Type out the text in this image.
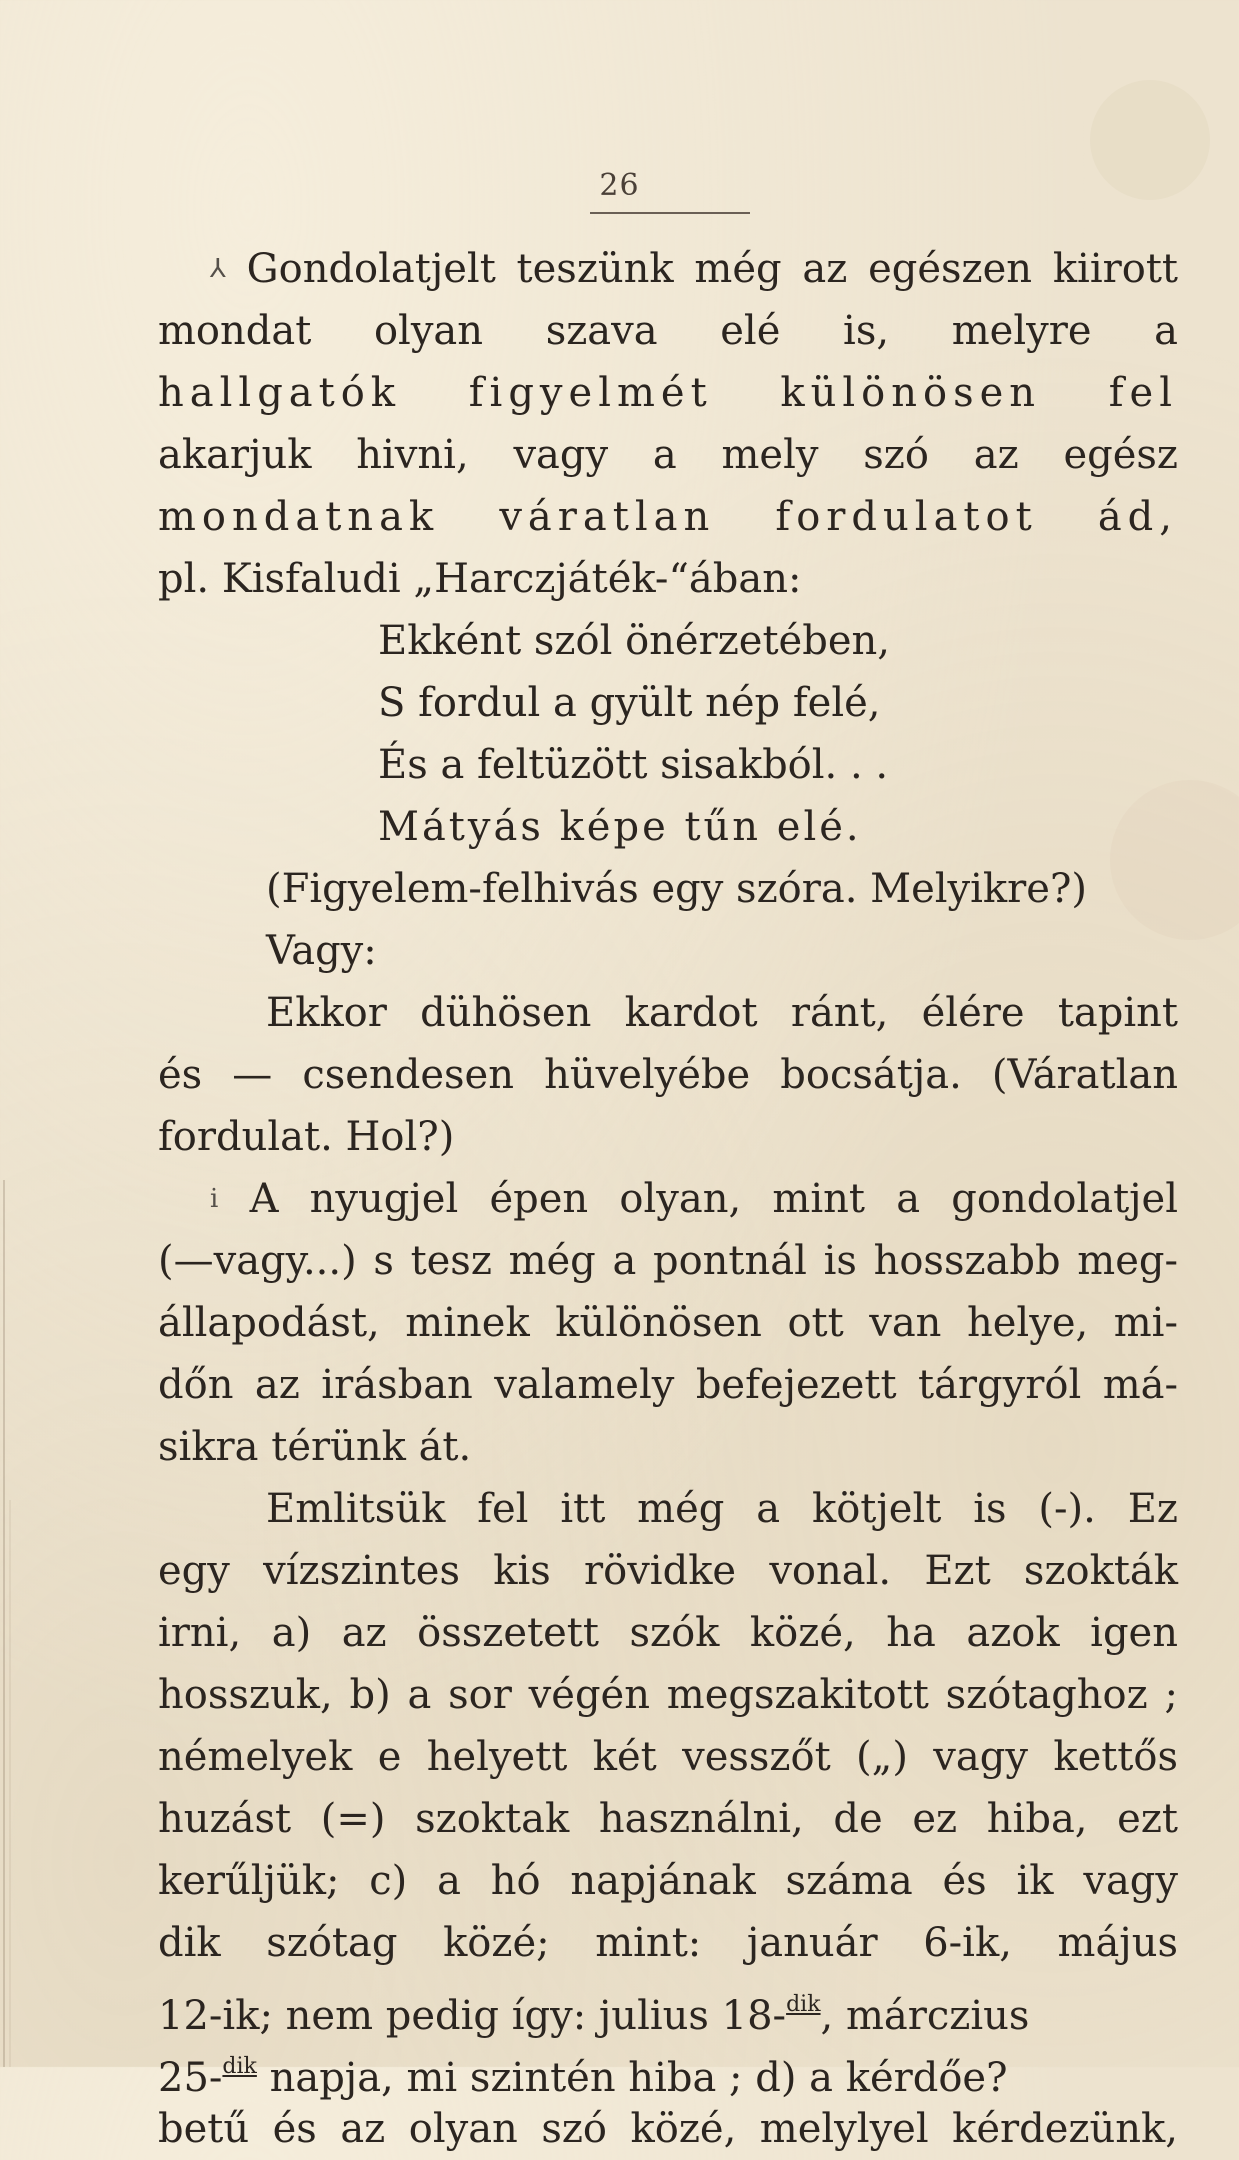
26
⅄ Gondolatjelt teszünk még az egészen kiirott
mondat olyan szava elé is, melyre a
hallgatók figyelmét különösen fel
akarjuk hivni, vagy a mely szó az egész
mondatnak váratlan fordulatot ád,
pl. Kisfaludi „Harczjáték-“ában:
Ekként szól önérzetében,
S fordul a gyült nép felé,
És a feltüzött sisakból. . .
Mátyás képe tűn elé.
(Figyelem-felhivás egy szóra. Melyikre?)
Vagy:
Ekkor dühösen kardot ránt, élére tapint
és — csendesen hüvelyébe bocsátja. (Váratlan
fordulat. Hol?)
$^i$ A nyugjel épen olyan, mint a gondolatjel
(—vagy...) s tesz még a pontnál is hosszabb meg-
állapodást, minek különösen ott van helye, mi-
dőn az irásban valamely befejezett tárgyról má-
sikra térünk át.
Emlitsük fel itt még a kötjelt is (-). Ez
egy vízszintes kis rövidke vonal. Ezt szokták
irni, a) az összetett szók közé, ha azok igen
hosszuk, b) a sor végén megszakitott szótaghoz ;
némelyek e helyett két vesszőt („) vagy kettős
huzást (=) szoktak használni, de ez hiba, ezt
kerűljük; c) a hó napjának száma és ik vagy
dik szótag közé; mint: január 6-ik, május
12-ik; nem pedig így: julius 18-$^{dik}$, márczius
25-$^{dik}$ napja, mi szintén hiba ; d) a kérdőe?
betű és az olyan szó közé, melylyel kérdezünk,
